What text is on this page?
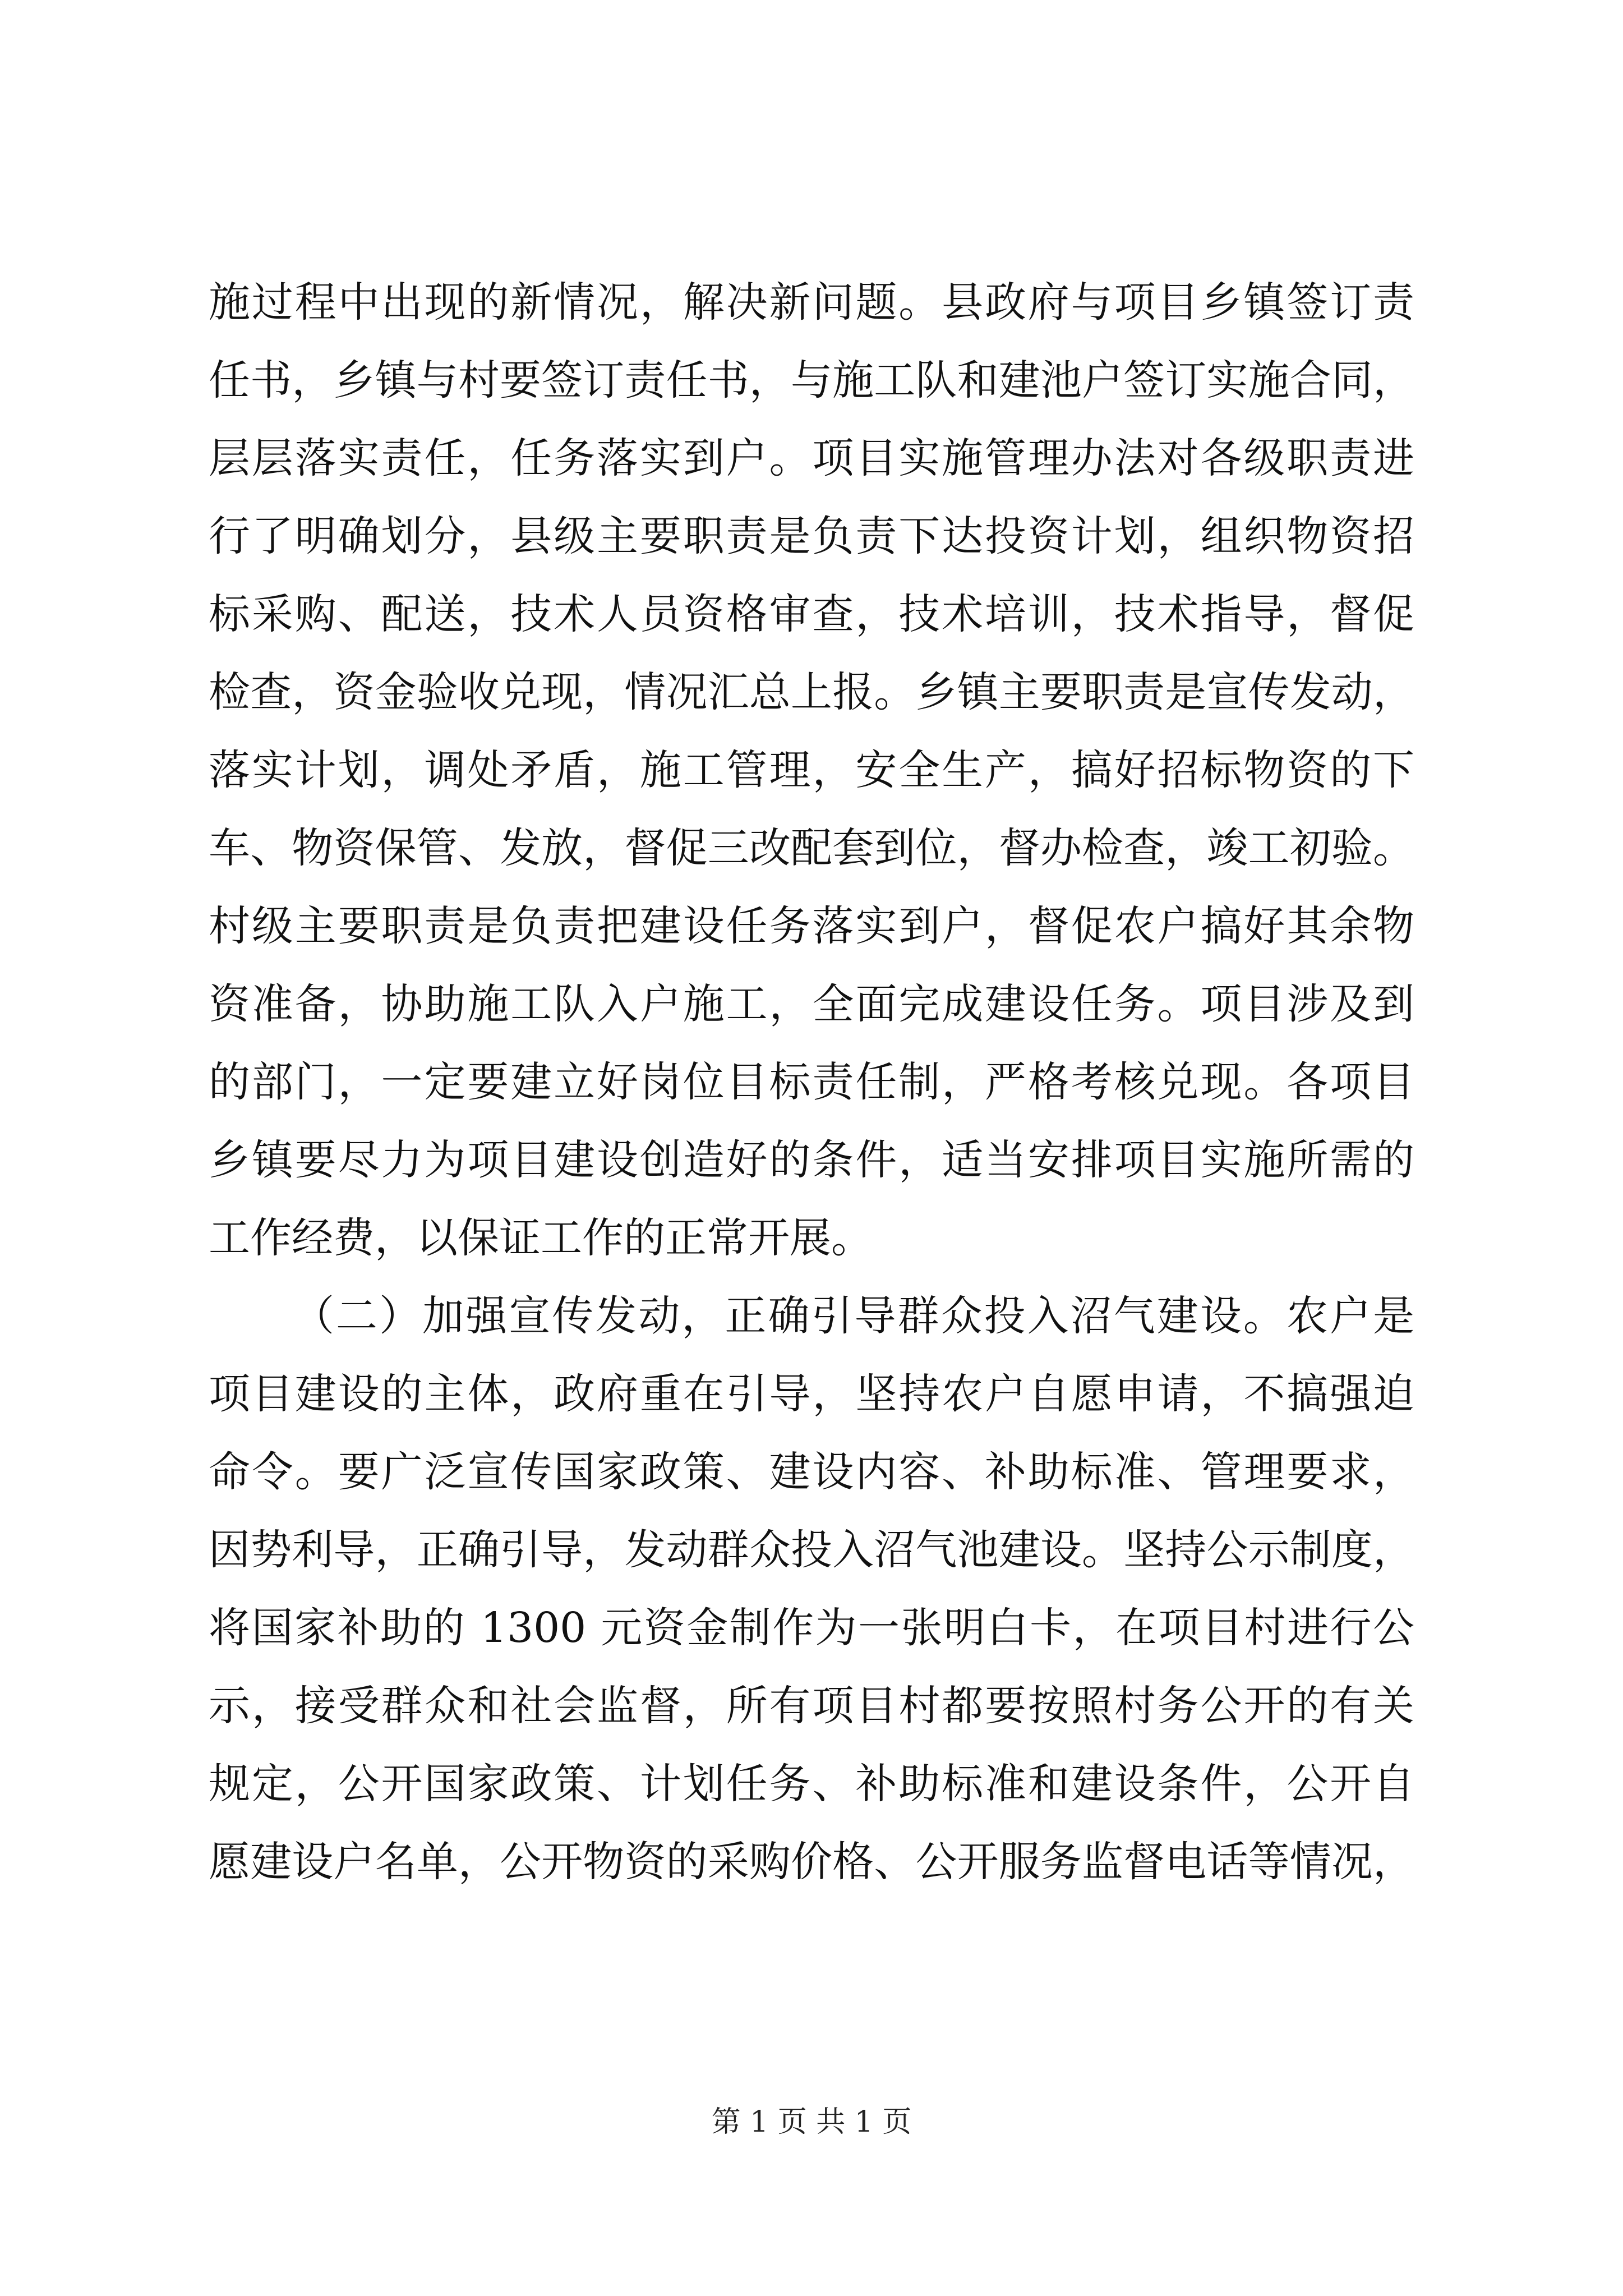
施过程中出现的新情况，解决新问题。县政府与项目乡镇签订责
任书，乡镇与村要签订责任书，与施工队和建池户签订实施合同，
层层落实责任，任务落实到户。项目实施管理办法对各级职责进
行了明确划分，县级主要职责是负责下达投资计划，组织物资招
标采购、配送，技术人员资格审查，技术培训，技术指导，督促
检查，资金验收兑现，情况汇总上报。乡镇主要职责是宣传发动，
落实计划，调处矛盾，施工管理，安全生产，搞好招标物资的下
车、物资保管、发放，督促三改配套到位，督办检查，竣工初验。
村级主要职责是负责把建设任务落实到户，督促农户搞好其余物
资准备，协助施工队入户施工，全面完成建设任务。项目涉及到
的部门，一定要建立好岗位目标责任制，严格考核兑现。各项目
乡镇要尽力为项目建设创造好的条件，适当安排项目实施所需的
工作经费，以保证工作的正常开展。
（二）加强宣传发动，正确引导群众投入沼气建设。农户是
项目建设的主体，政府重在引导，坚持农户自愿申请，不搞强迫
命令。要广泛宣传国家政策、建设内容、补助标准、管理要求，
因势利导，正确引导，发动群众投入沼气池建设。坚持公示制度，
将国家补助的 1300 元资金制作为一张明白卡，在项目村进行公
示，接受群众和社会监督，所有项目村都要按照村务公开的有关
规定，公开国家政策、计划任务、补助标准和建设条件，公开自
愿建设户名单，公开物资的采购价格、公开服务监督电话等情况，
第 1 页 共 1 页
